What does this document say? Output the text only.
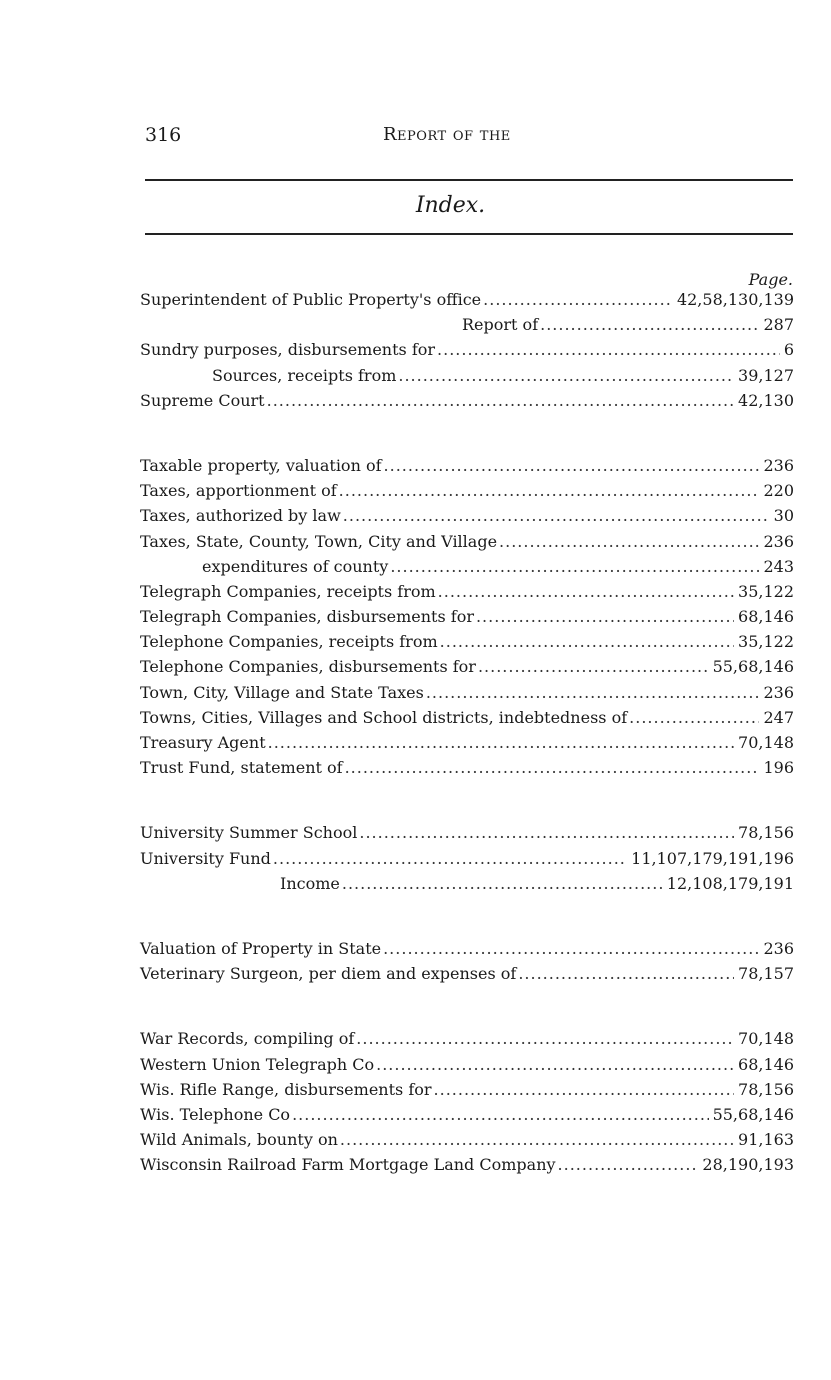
316	Report of the
Index.
Page.
Superintendent of Public Property's office .....	42,58,130,139
Report of .....	287
Sundry purposes, disbursements for .....	6
Sources, receipts from .....	39,127
Supreme Court .....	42,130
Taxable property, valuation of .....	236
Taxes, apportionment of .....	220
Taxes, authorized by law .....	30
Taxes, State, County, Town, City and Village .....	236
expenditures of county .....	243
Telegraph Companies, receipts from .....	35,122
Telegraph Companies, disbursements for .....	68,146
Telephone Companies, receipts from .....	35,122
Telephone Companies, disbursements for .....	55,68,146
Town, City, Village and State Taxes .....	236
Towns, Cities, Villages and School districts, indebtedness of .....	247
Treasury Agent .....	70,148
Trust Fund, statement of .....	196
University Summer School .....	78,156
University Fund .....	11,107,179,191,196
Income .....	12,108,179,191
Valuation of Property in State .....	236
Veterinary Surgeon, per diem and expenses of .....	78,157
War Records, compiling of .....	70,148
Western Union Telegraph Co .....	68,146
Wis. Rifle Range, disbursements for .....	78,156
Wis. Telephone Co .....	55,68,146
Wild Animals, bounty on .....	91,163
Wisconsin Railroad Farm Mortgage Land Company .....	28,190,193
